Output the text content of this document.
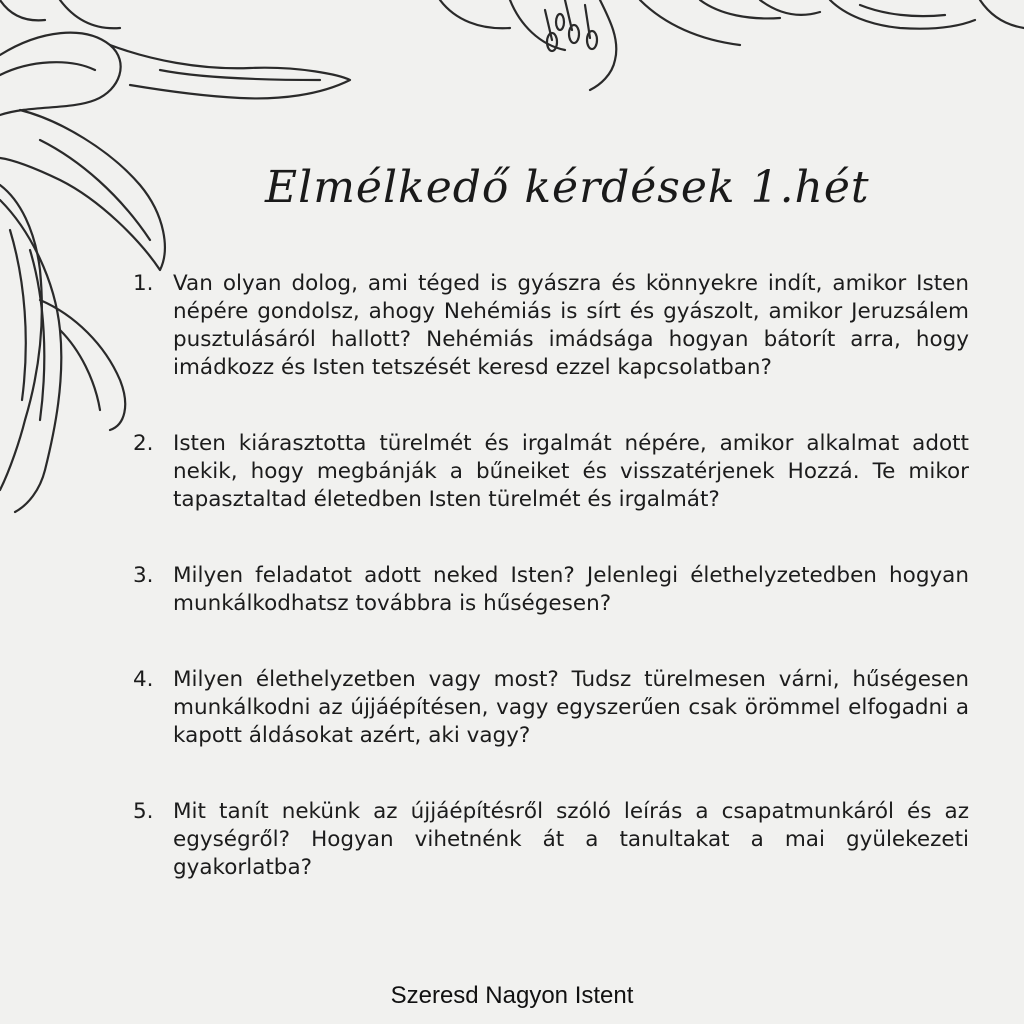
Elmélkedő kérdések 1.hét
1. Van olyan dolog, ami téged is gyászra és könnyekre indít, amikor Isten népére gondolsz, ahogy Nehémiás is sírt és gyászolt, amikor Jeruzsálem pusztulásáról hallott? Nehémiás imádsága hogyan bátorít arra, hogy imádkozz és Isten tetszését keresd ezzel kapcsolatban?
2. Isten kiárasztotta türelmét és irgalmát népére, amikor alkalmat adott nekik, hogy megbánják a bűneiket és visszatérjenek Hozzá. Te mikor tapasztaltad életedben Isten türelmét és irgalmát?
3. Milyen feladatot adott neked Isten? Jelenlegi élethelyzetedben hogyan munkálkodhatsz továbbra is hűségesen?
4. Milyen élethelyzetben vagy most? Tudsz türelmesen várni, hűségesen munkálkodni az újjáépítésen, vagy egyszerűen csak örömmel elfogadni a kapott áldásokat azért, aki vagy?
5. Mit tanít nekünk az újjáépítésről szóló leírás a csapatmunkáról és az egységről? Hogyan vihetnénk át a tanultakat a mai gyülekezeti gyakorlatba?
Szeresd Nagyon Istent
